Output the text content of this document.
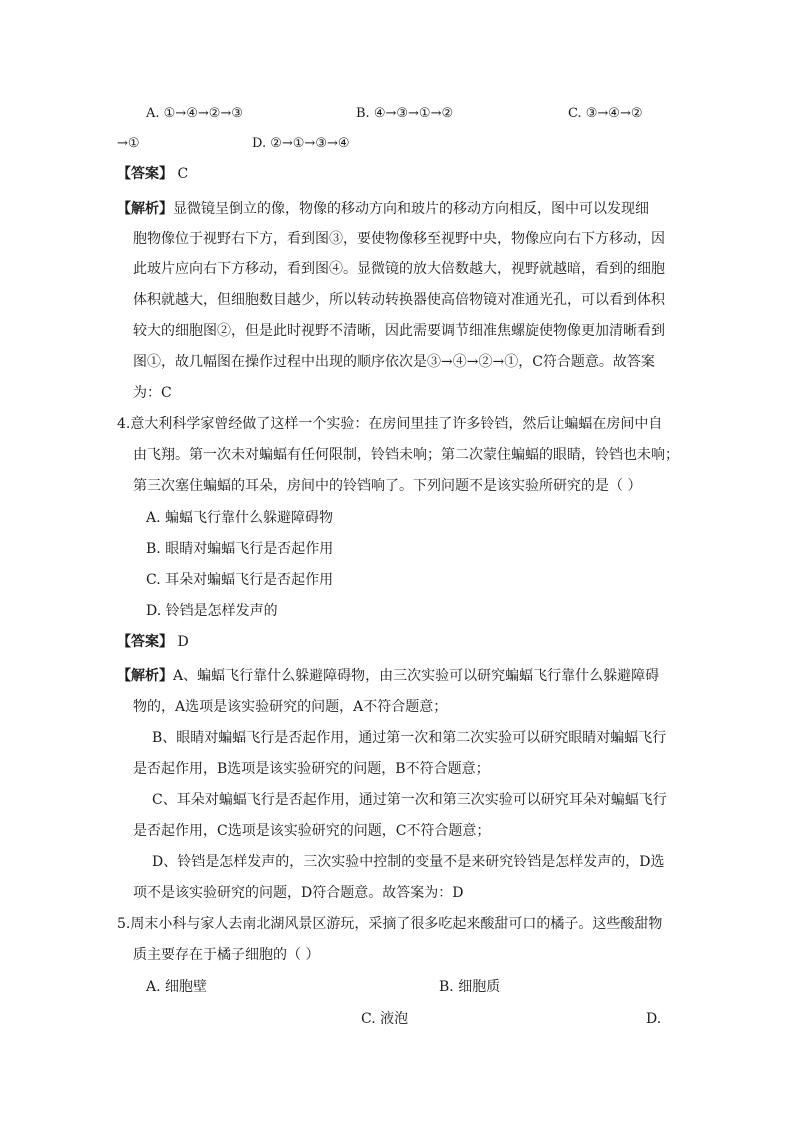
A. ①→④→②→③	B. ④→③→①→②	C. ③→④→②
→①	D. ②→①→③→④
【答案】 C
【解析】显微镜呈倒立的像，物像的移动方向和玻片的移动方向相反，图中可以发现细
胞物像位于视野右下方，看到图③，要使物像移至视野中央，物像应向右下方移动，因
此玻片应向右下方移动，看到图④。显微镜的放大倍数越大，视野就越暗，看到的细胞
体积就越大，但细胞数目越少，所以转动转换器使高倍物镜对准通光孔，可以看到体积
较大的细胞图②，但是此时视野不清晰，因此需要调节细准焦螺旋使物像更加清晰看到
图①，故几幅图在操作过程中出现的顺序依次是③→④→②→①，C符合题意。故答案
为：C
4.意大利科学家曾经做了这样一个实验：在房间里挂了许多铃铛，然后让蝙蝠在房间中自
由飞翔。第一次未对蝙蝠有任何限制，铃铛未响；第二次蒙住蝙蝠的眼睛，铃铛也未响；
第三次塞住蝙蝠的耳朵，房间中的铃铛响了。下列问题不是该实验所研究的是（ ）
A. 蝙蝠飞行靠什么躲避障碍物
B. 眼睛对蝙蝠飞行是否起作用
C. 耳朵对蝙蝠飞行是否起作用
D. 铃铛是怎样发声的
【答案】 D
【解析】A、蝙蝠飞行靠什么躲避障碍物，由三次实验可以研究蝙蝠飞行靠什么躲避障碍
物的，A选项是该实验研究的问题，A不符合题意；
B、眼睛对蝙蝠飞行是否起作用，通过第一次和第二次实验可以研究眼睛对蝙蝠飞行
是否起作用，B选项是该实验研究的问题，B不符合题意；
C、耳朵对蝙蝠飞行是否起作用，通过第一次和第三次实验可以研究耳朵对蝙蝠飞行
是否起作用，C选项是该实验研究的问题，C不符合题意；
D、铃铛是怎样发声的，三次实验中控制的变量不是来研究铃铛是怎样发声的，D选
项不是该实验研究的问题，D符合题意。故答案为：D
5.周末小科与家人去南北湖风景区游玩，采摘了很多吃起来酸甜可口的橘子。这些酸甜物
质主要存在于橘子细胞的（ ）
A. 细胞壁	B. 细胞质
C. 液泡	D.
